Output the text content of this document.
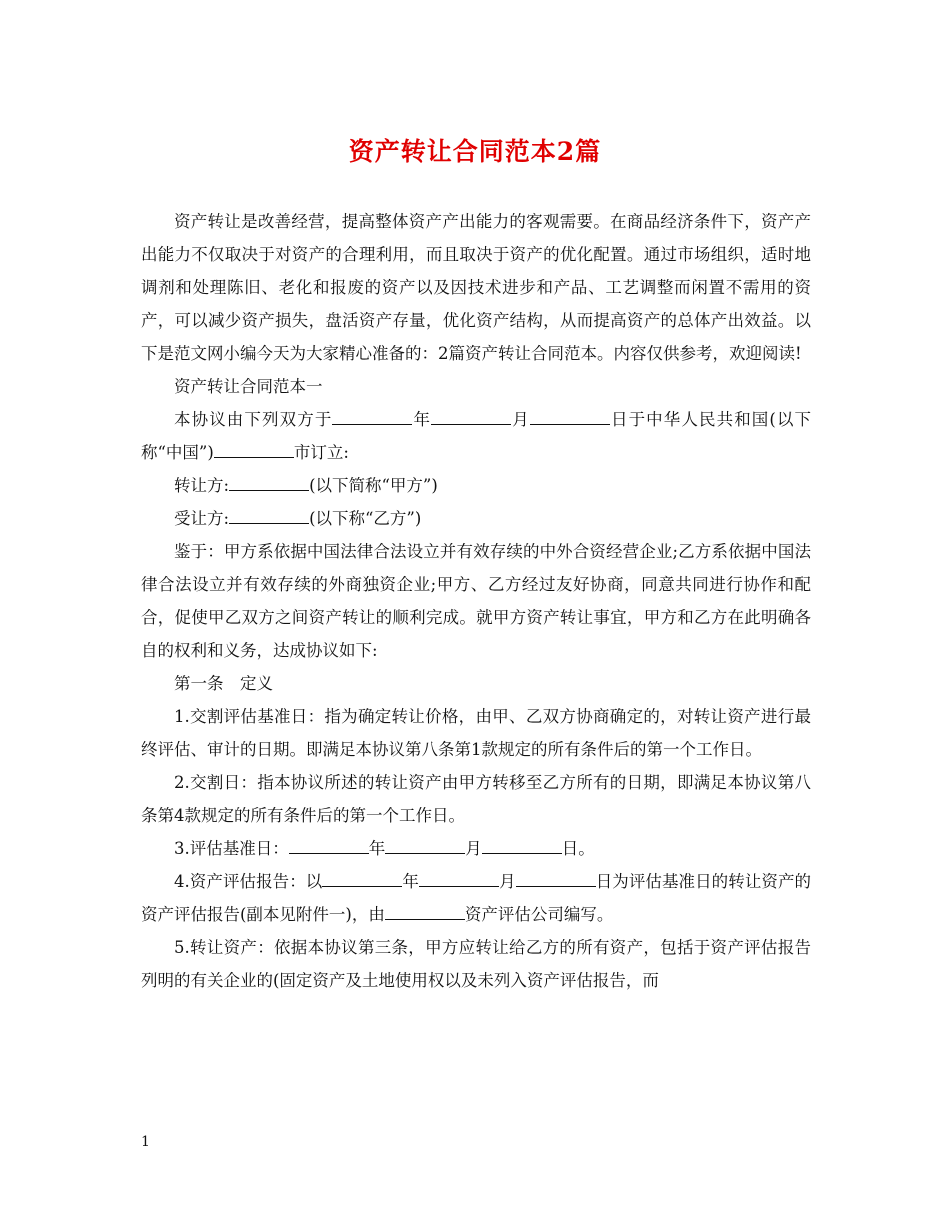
资产转让合同范本2篇

资产转让是改善经营，提高整体资产产出能力的客观需要。在商品经济条件下，资产产出能力不仅取决于对资产的合理利用，而且取决于资产的优化配置。通过市场组织，适时地调剂和处理陈旧、老化和报废的资产以及因技术进步和产品、工艺调整而闲置不需用的资产，可以减少资产损失，盘活资产存量，优化资产结构，从而提高资产的总体产出效益。以下是范文网小编今天为大家精心准备的：2篇资产转让合同范本。内容仅供参考，欢迎阅读!

资产转让合同范本一

本协议由下列双方于	年	月	日于中华人民共和国(以下称“中国”)	市订立:

转让方:	(以下简称“甲方”)

受让方:	(以下称“乙方”)

鉴于：甲方系依据中国法律合法设立并有效存续的中外合资经营企业;乙方系依据中国法律合法设立并有效存续的外商独资企业;甲方、乙方经过友好协商，同意共同进行协作和配合，促使甲乙双方之间资产转让的顺利完成。就甲方资产转让事宜，甲方和乙方在此明确各自的权利和义务，达成协议如下:

第一条　定义

1.交割评估基准日：指为确定转让价格，由甲、乙双方协商确定的，对转让资产进行最终评估、审计的日期。即满足本协议第八条第1款规定的所有条件后的第一个工作日。

2.交割日：指本协议所述的转让资产由甲方转移至乙方所有的日期，即满足本协议第八条第4款规定的所有条件后的第一个工作日。

3.评估基准日：	年	月	日。

4.资产评估报告：以	年	月	日为评估基准日的转让资产的资产评估报告(副本见附件一)，由	资产评估公司编写。

5.转让资产：依据本协议第三条，甲方应转让给乙方的所有资产，包括于资产评估报告列明的有关企业的(固定资产及土地使用权以及未列入资产评估报告，而

1
